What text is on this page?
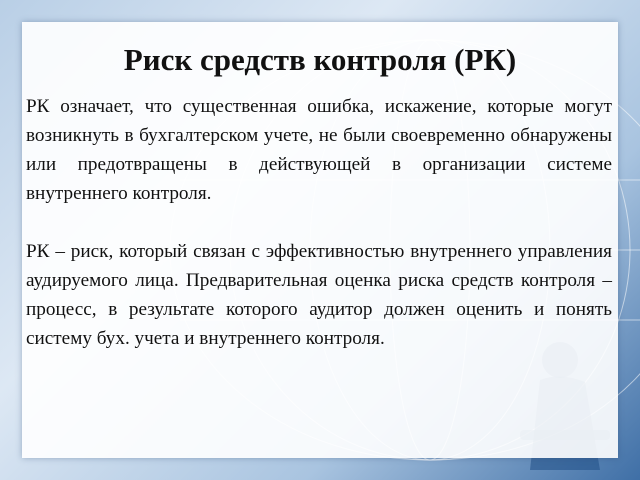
Риск средств контроля (РК)

РК означает, что существенная ошибка, искажение, которые могут возникнуть в бухгалтерском учете, не были своевременно обнаружены или предотвращены в действующей в организации системе внутреннего контроля.

РК – риск, который связан с эффективностью внутреннего управления аудируемого лица. Предварительная оценка риска средств контроля – процесс, в результате которого аудитор должен оценить и понять систему бух. учета и внутреннего контроля.
